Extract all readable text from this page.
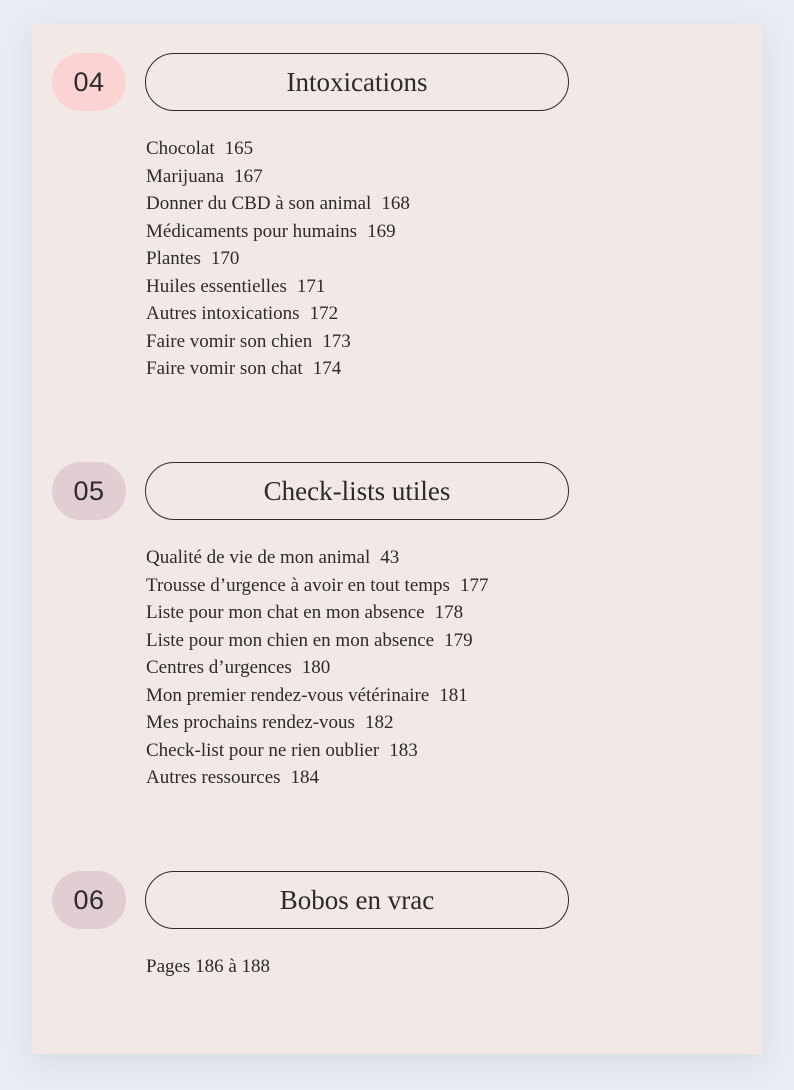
04	Intoxications
Chocolat 165
Marijuana 167
Donner du CBD à son animal 168
Médicaments pour humains 169
Plantes 170
Huiles essentielles 171
Autres intoxications 172
Faire vomir son chien 173
Faire vomir son chat 174
05	Check-lists utiles
Qualité de vie de mon animal 43
Trousse d’urgence à avoir en tout temps 177
Liste pour mon chat en mon absence 178
Liste pour mon chien en mon absence 179
Centres d’urgences 180
Mon premier rendez-vous vétérinaire 181
Mes prochains rendez-vous 182
Check-list pour ne rien oublier 183
Autres ressources 184
06	Bobos en vrac
Pages 186 à 188
